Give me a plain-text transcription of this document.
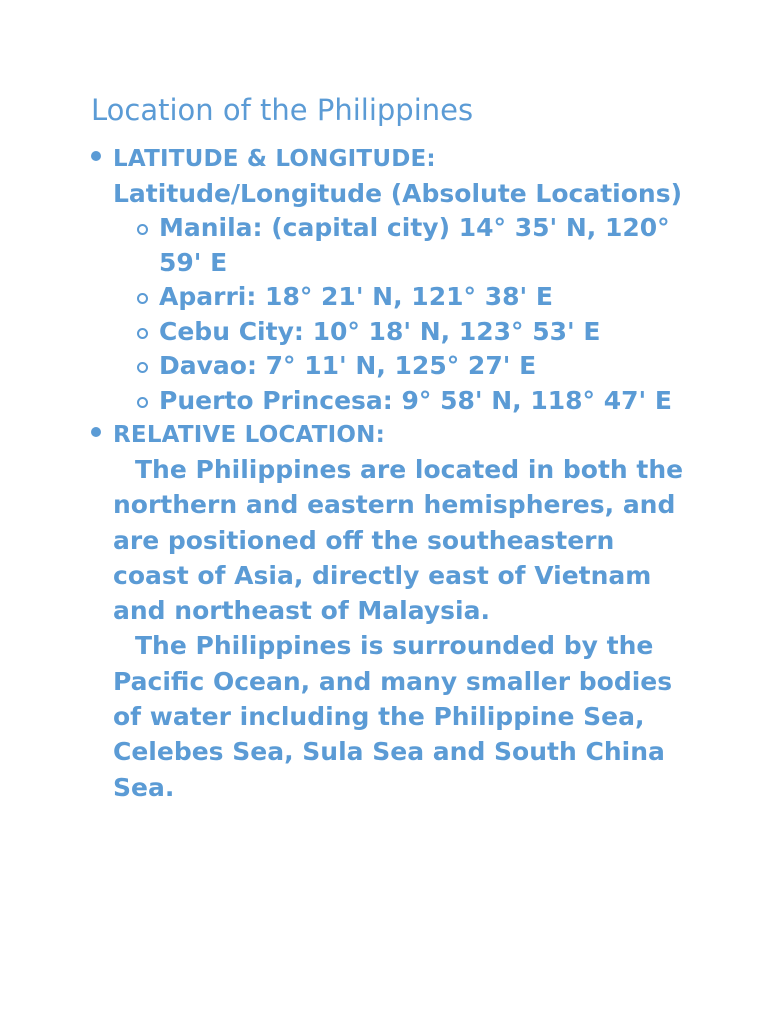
Location of the Philippines
LATITUDE & LONGITUDE:
Latitude/Longitude (Absolute Locations)
Manila: (capital city) 14° 35' N, 120° 59' E
Aparri: 18° 21' N, 121° 38' E
Cebu City: 10° 18' N, 123° 53' E
Davao: 7° 11' N, 125° 27' E
Puerto Princesa: 9° 58' N, 118° 47' E
RELATIVE LOCATION:

The Philippines are located in both the northern and eastern hemispheres, and are positioned off the southeastern coast of Asia, directly east of Vietnam and northeast of Malaysia.

The Philippines is surrounded by the Pacific Ocean, and many smaller bodies of water including the Philippine Sea, Celebes Sea, Sula Sea and South China Sea.
